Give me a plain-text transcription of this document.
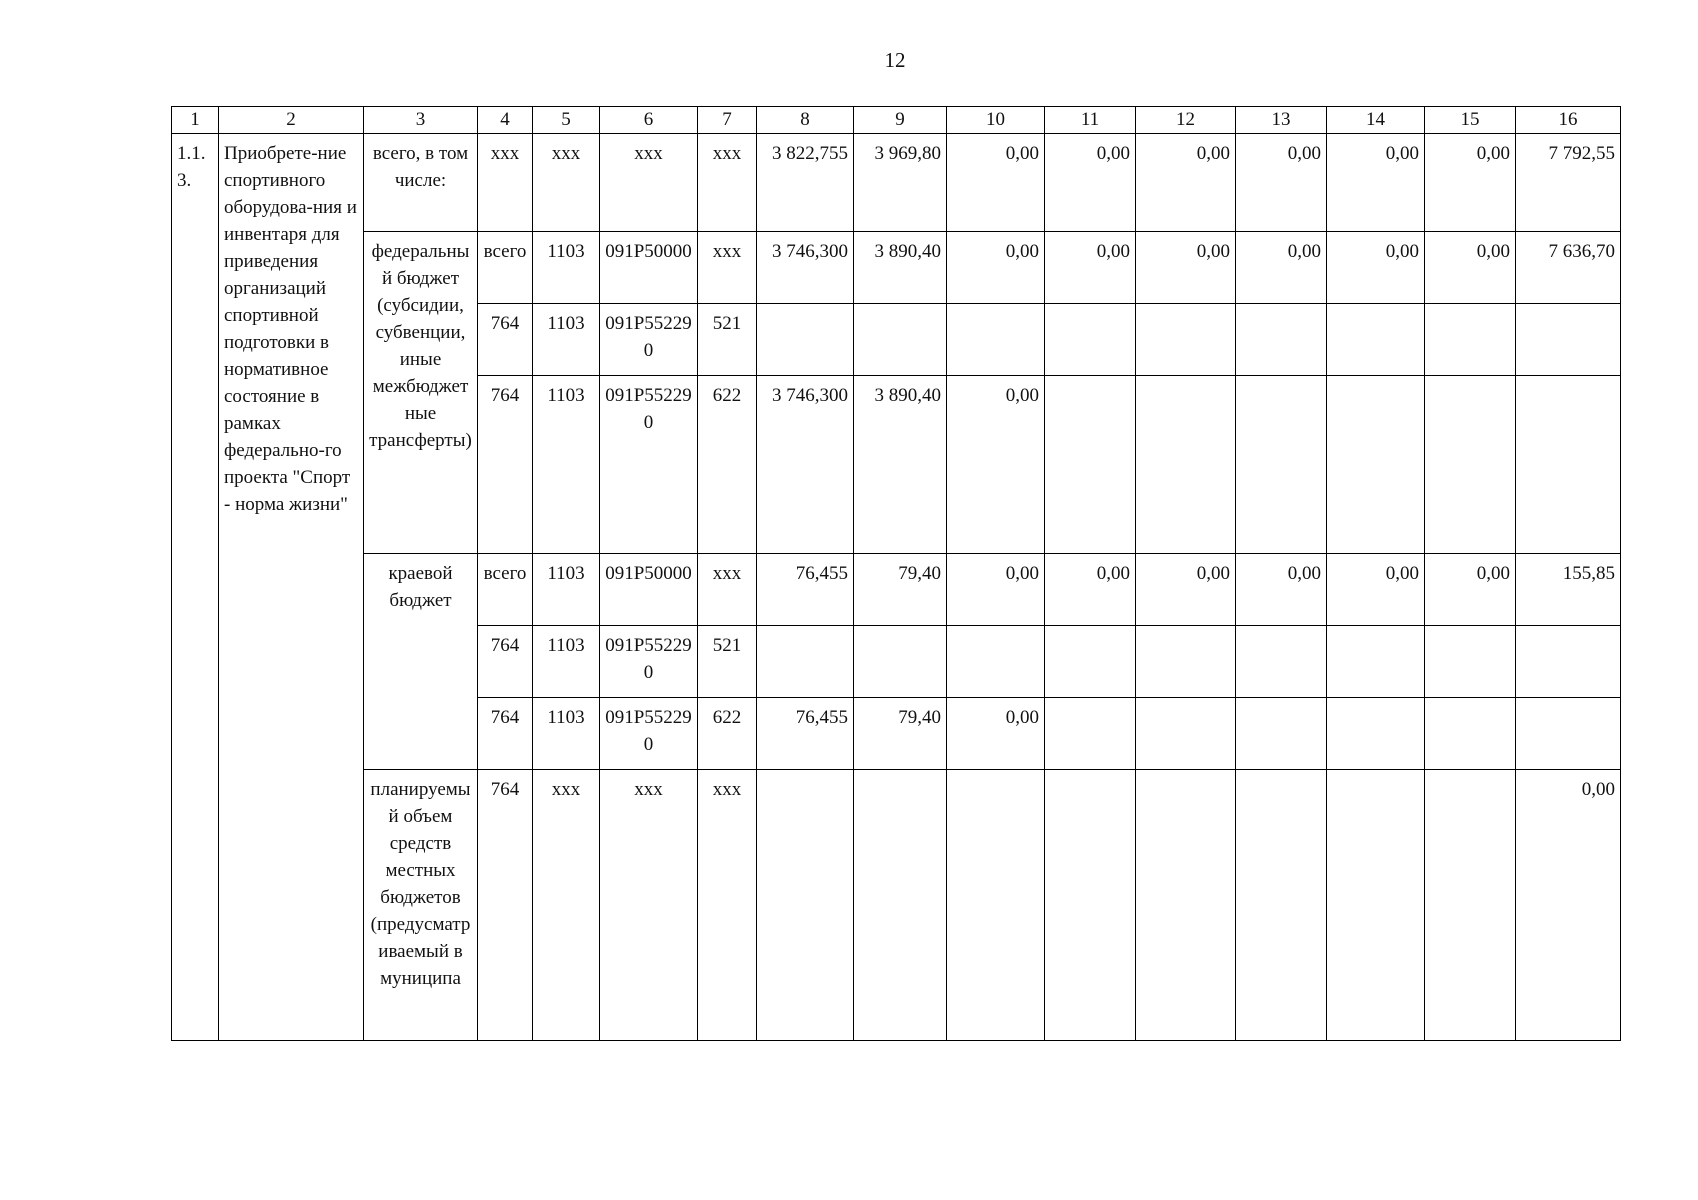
12
1	2	3	4	5	6	7	8	9	10	11	12	13	14	15	16
1.1.3.	Приобрете-ние спортивного оборудова-ния и инвентаря для приведения организаций спортивной подготовки в нормативное состояние в рамках федерально-го проекта "Спорт - норма жизни"	всего, в том числе:	xxx	xxx	xxx	xxx	3 822,755	3 969,80	0,00	0,00	0,00	0,00	0,00	0,00	7 792,55
		федеральный бюджет (субсидии, субвенции, иные межбюджетные трансферты)	всего	1103	091P50000	xxx	3 746,300	3 890,40	0,00	0,00	0,00	0,00	0,00	0,00	7 636,70
			764	1103	091P552290	521									
			764	1103	091P552290	622	3 746,300	3 890,40	0,00						
		краевой бюджет	всего	1103	091P50000	xxx	76,455	79,40	0,00	0,00	0,00	0,00	0,00	0,00	155,85
			764	1103	091P552290	521									
			764	1103	091P552290	622	76,455	79,40	0,00						
		планируемый объем средств местных бюджетов (предусматриваемый в муниципа	764	xxx	xxx	xxx									0,00
